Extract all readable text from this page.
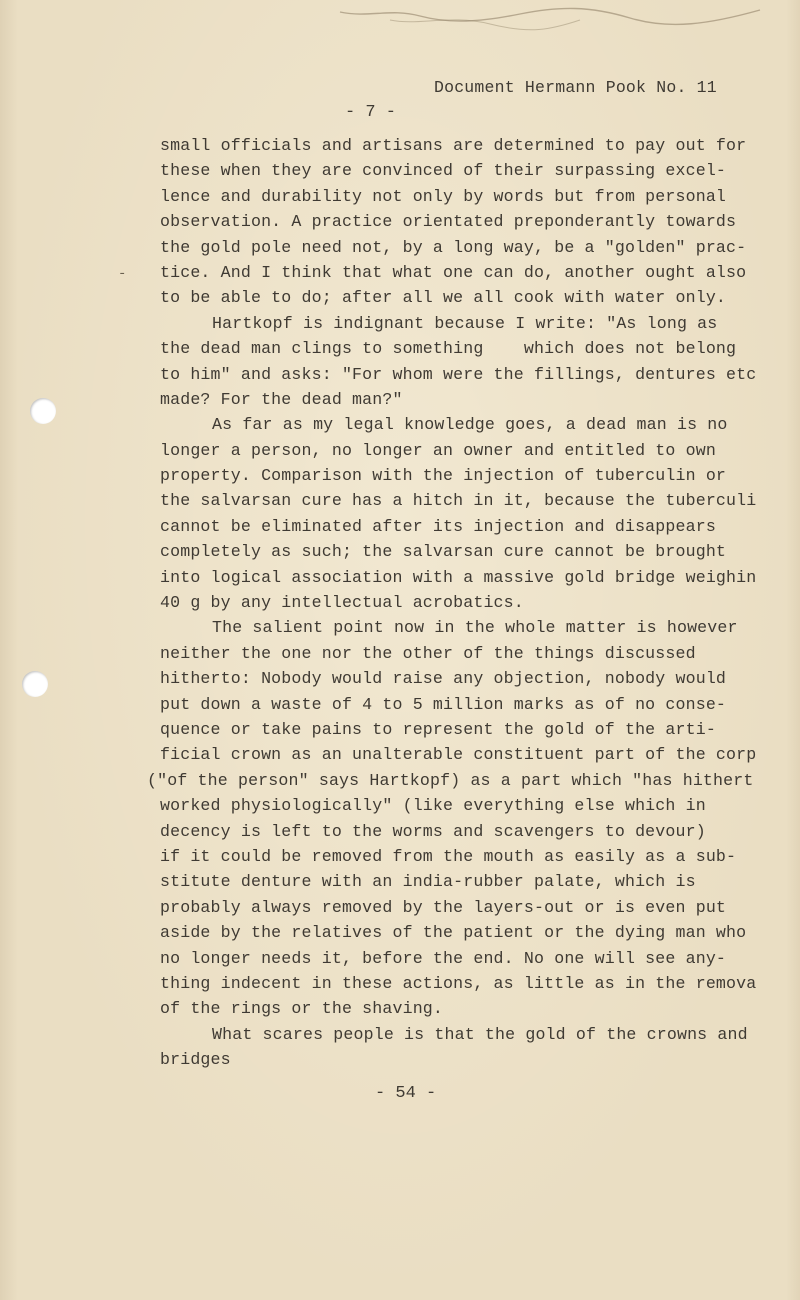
Document Hermann Pook No. 11
- 7 -
-
small officials and artisans are determined to pay out for
these when they are convinced of their surpassing excel-
lence and durability not only by words but from personal
observation. A practice orientated preponderantly towards
the gold pole need not, by a long way, be a "golden" prac-
tice. And I think that what one can do, another ought also
to be able to do; after all we all cook with water only.
Hartkopf is indignant because I write: "As long as
the dead man clings to something    which does not belong
to him" and asks: "For whom were the fillings, dentures etc
made? For the dead man?"
As far as my legal knowledge goes, a dead man is no
longer a person, no longer an owner and entitled to own
property. Comparison with the injection of tuberculin or
the salvarsan cure has a hitch in it, because the tuberculi
cannot be eliminated after its injection and disappears
completely as such; the salvarsan cure cannot be brought
into logical association with a massive gold bridge weighin
40 g by any intellectual acrobatics.
The salient point now in the whole matter is however
neither the one nor the other of the things discussed
hitherto: Nobody would raise any objection, nobody would
put down a waste of 4 to 5 million marks as of no conse-
quence or take pains to represent the gold of the arti-
ficial crown as an unalterable constituent part of the corp
("of the person" says Hartkopf) as a part which "has hithert
worked physiologically" (like everything else which in
decency is left to the worms and scavengers to devour)
if it could be removed from the mouth as easily as a sub-
stitute denture with an india-rubber palate, which is
probably always removed by the layers-out or is even put
aside by the relatives of the patient or the dying man who
no longer needs it, before the end. No one will see any-
thing indecent in these actions, as little as in the remova
of the rings or the shaving.
What scares people is that the gold of the crowns and
bridges
- 54 -
